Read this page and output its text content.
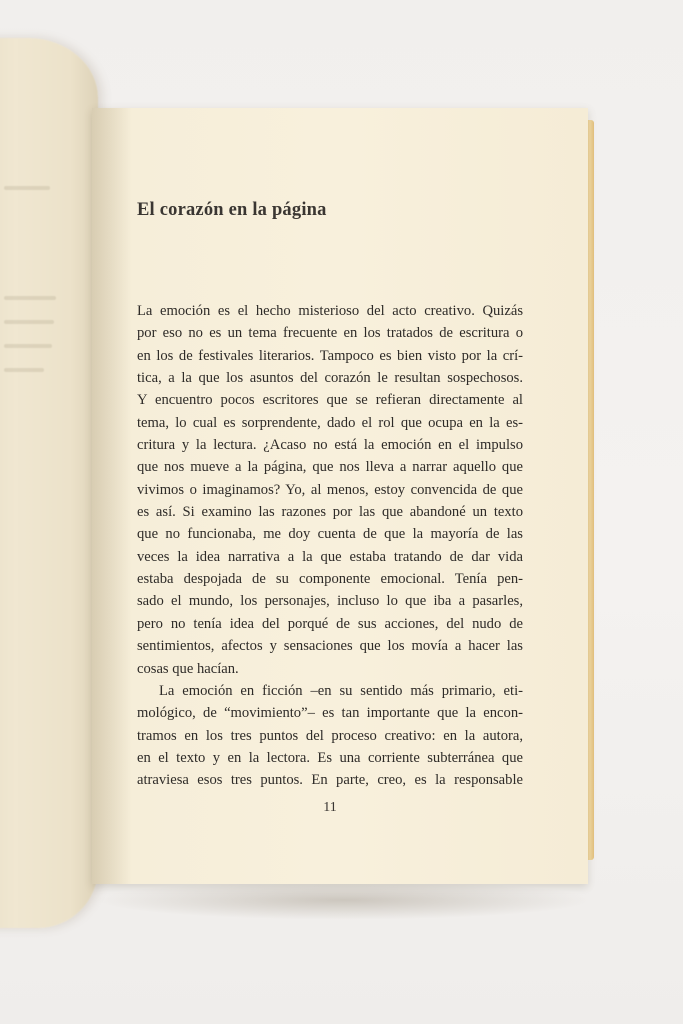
El corazón en la página
La emoción es el hecho misterioso del acto creativo. Quizás
por eso no es un tema frecuente en los tratados de escritura o
en los de festivales literarios. Tampoco es bien visto por la crí-
tica, a la que los asuntos del corazón le resultan sospechosos.
Y encuentro pocos escritores que se refieran directamente al
tema, lo cual es sorprendente, dado el rol que ocupa en la es-
critura y la lectura. ¿Acaso no está la emoción en el impulso
que nos mueve a la página, que nos lleva a narrar aquello que
vivimos o imaginamos? Yo, al menos, estoy convencida de que
es así. Si examino las razones por las que abandoné un texto
que no funcionaba, me doy cuenta de que la mayoría de las
veces la idea narrativa a la que estaba tratando de dar vida
estaba despojada de su componente emocional. Tenía pen-
sado el mundo, los personajes, incluso lo que iba a pasarles,
pero no tenía idea del porqué de sus acciones, del nudo de
sentimientos, afectos y sensaciones que los movía a hacer las
cosas que hacían.
La emoción en ficción –en su sentido más primario, eti-
mológico, de “movimiento”– es tan importante que la encon-
tramos en los tres puntos del proceso creativo: en la autora,
en el texto y en la lectora. Es una corriente subterránea que
atraviesa esos tres puntos. En parte, creo, es la responsable
11
